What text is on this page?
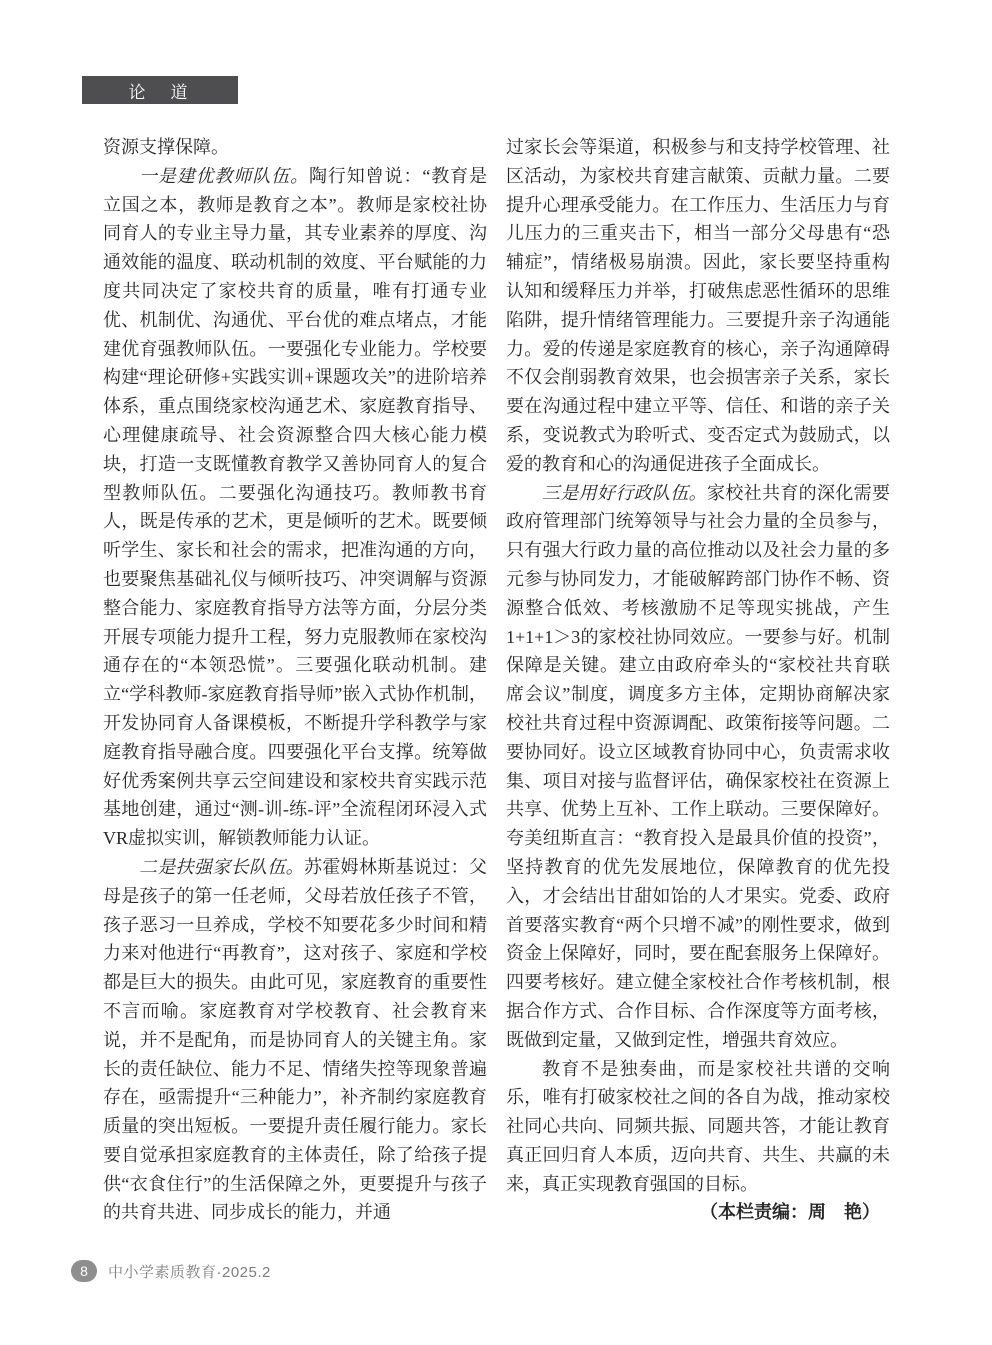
论　道

资源支撑保障。

一是建优教师队伍。陶行知曾说：“教育是立国之本，教师是教育之本”。教师是家校社协同育人的专业主导力量，其专业素养的厚度、沟通效能的温度、联动机制的效度、平台赋能的力度共同决定了家校共育的质量，唯有打通专业优、机制优、沟通优、平台优的难点堵点，才能建优育强教师队伍。一要强化专业能力。学校要构建“理论研修+实践实训+课题攻关”的进阶培养体系，重点围绕家校沟通艺术、家庭教育指导、心理健康疏导、社会资源整合四大核心能力模块，打造一支既懂教育教学又善协同育人的复合型教师队伍。二要强化沟通技巧。教师教书育人，既是传承的艺术，更是倾听的艺术。既要倾听学生、家长和社会的需求，把准沟通的方向，也要聚焦基础礼仪与倾听技巧、冲突调解与资源整合能力、家庭教育指导方法等方面，分层分类开展专项能力提升工程，努力克服教师在家校沟通存在的“本领恐慌”。三要强化联动机制。建立“学科教师-家庭教育指导师”嵌入式协作机制，开发协同育人备课模板，不断提升学科教学与家庭教育指导融合度。四要强化平台支撑。统筹做好优秀案例共享云空间建设和家校共育实践示范基地创建，通过“测-训-练-评”全流程闭环浸入式VR虚拟实训，解锁教师能力认证。

二是扶强家长队伍。苏霍姆林斯基说过：父母是孩子的第一任老师，父母若放任孩子不管，孩子恶习一旦养成，学校不知要花多少时间和精力来对他进行“再教育”，这对孩子、家庭和学校都是巨大的损失。由此可见，家庭教育的重要性不言而喻。家庭教育对学校教育、社会教育来说，并不是配角，而是协同育人的关键主角。家长的责任缺位、能力不足、情绪失控等现象普遍存在，亟需提升“三种能力”，补齐制约家庭教育质量的突出短板。一要提升责任履行能力。家长要自觉承担家庭教育的主体责任，除了给孩子提供“衣食住行”的生活保障之外，更要提升与孩子的共育共进、同步成长的能力，并通

过家长会等渠道，积极参与和支持学校管理、社区活动，为家校共育建言献策、贡献力量。二要提升心理承受能力。在工作压力、生活压力与育儿压力的三重夹击下，相当一部分父母患有“恐辅症”，情绪极易崩溃。因此，家长要坚持重构认知和缓释压力并举，打破焦虑恶性循环的思维陷阱，提升情绪管理能力。三要提升亲子沟通能力。爱的传递是家庭教育的核心，亲子沟通障碍不仅会削弱教育效果，也会损害亲子关系，家长要在沟通过程中建立平等、信任、和谐的亲子关系，变说教式为聆听式、变否定式为鼓励式，以爱的教育和心的沟通促进孩子全面成长。

三是用好行政队伍。家校社共育的深化需要政府管理部门统筹领导与社会力量的全员参与，只有强大行政力量的高位推动以及社会力量的多元参与协同发力，才能破解跨部门协作不畅、资源整合低效、考核激励不足等现实挑战，产生1+1+1＞3的家校社协同效应。一要参与好。机制保障是关键。建立由政府牵头的“家校社共育联席会议”制度，调度多方主体，定期协商解决家校社共育过程中资源调配、政策衔接等问题。二要协同好。设立区域教育协同中心，负责需求收集、项目对接与监督评估，确保家校社在资源上共享、优势上互补、工作上联动。三要保障好。夸美纽斯直言：“教育投入是最具价值的投资”，坚持教育的优先发展地位，保障教育的优先投入，才会结出甘甜如饴的人才果实。党委、政府首要落实教育“两个只增不减”的刚性要求，做到资金上保障好，同时，要在配套服务上保障好。四要考核好。建立健全家校社合作考核机制，根据合作方式、合作目标、合作深度等方面考核，既做到定量，又做到定性，增强共育效应。

教育不是独奏曲，而是家校社共谱的交响乐，唯有打破家校社之间的各自为战，推动家校社同心共向、同频共振、同题共答，才能让教育真正回归育人本质，迈向共育、共生、共赢的未来，真正实现教育强国的目标。

（本栏责编：周　艳）

8 中小学素质教育·2025.2
